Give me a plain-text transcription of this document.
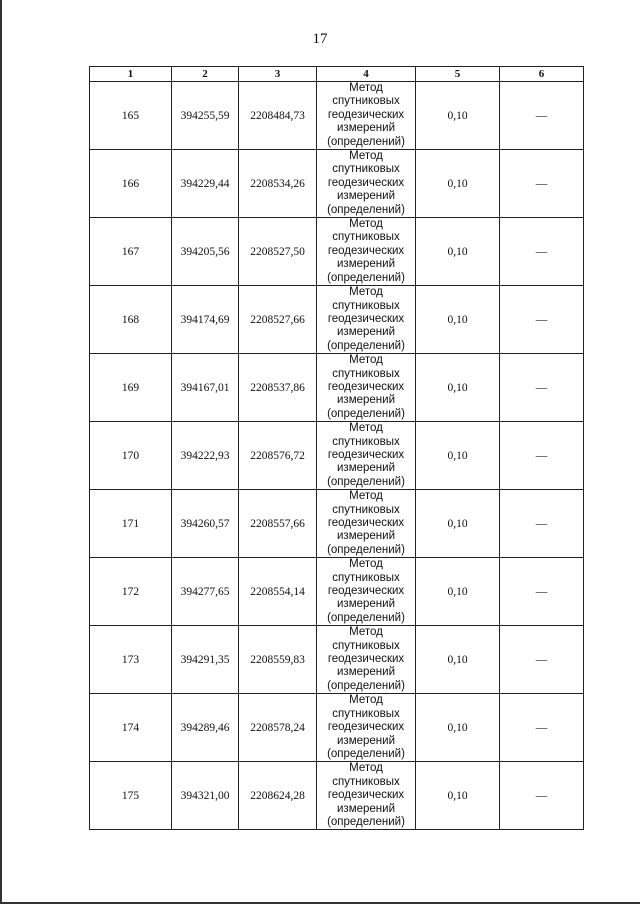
17
1	2	3	4	5	6
165	394255,59	2208484,73	Метод
спутниковых
геодезических
измерений
(определений)	0,10	—
166	394229,44	2208534,26	Метод
спутниковых
геодезических
измерений
(определений)	0,10	—
167	394205,56	2208527,50	Метод
спутниковых
геодезических
измерений
(определений)	0,10	—
168	394174,69	2208527,66	Метод
спутниковых
геодезических
измерений
(определений)	0,10	—
169	394167,01	2208537,86	Метод
спутниковых
геодезических
измерений
(определений)	0,10	—
170	394222,93	2208576,72	Метод
спутниковых
геодезических
измерений
(определений)	0,10	—
171	394260,57	2208557,66	Метод
спутниковых
геодезических
измерений
(определений)	0,10	—
172	394277,65	2208554,14	Метод
спутниковых
геодезических
измерений
(определений)	0,10	—
173	394291,35	2208559,83	Метод
спутниковых
геодезических
измерений
(определений)	0,10	—
174	394289,46	2208578,24	Метод
спутниковых
геодезических
измерений
(определений)	0,10	—
175	394321,00	2208624,28	Метод
спутниковых
геодезических
измерений
(определений)	0,10	—
